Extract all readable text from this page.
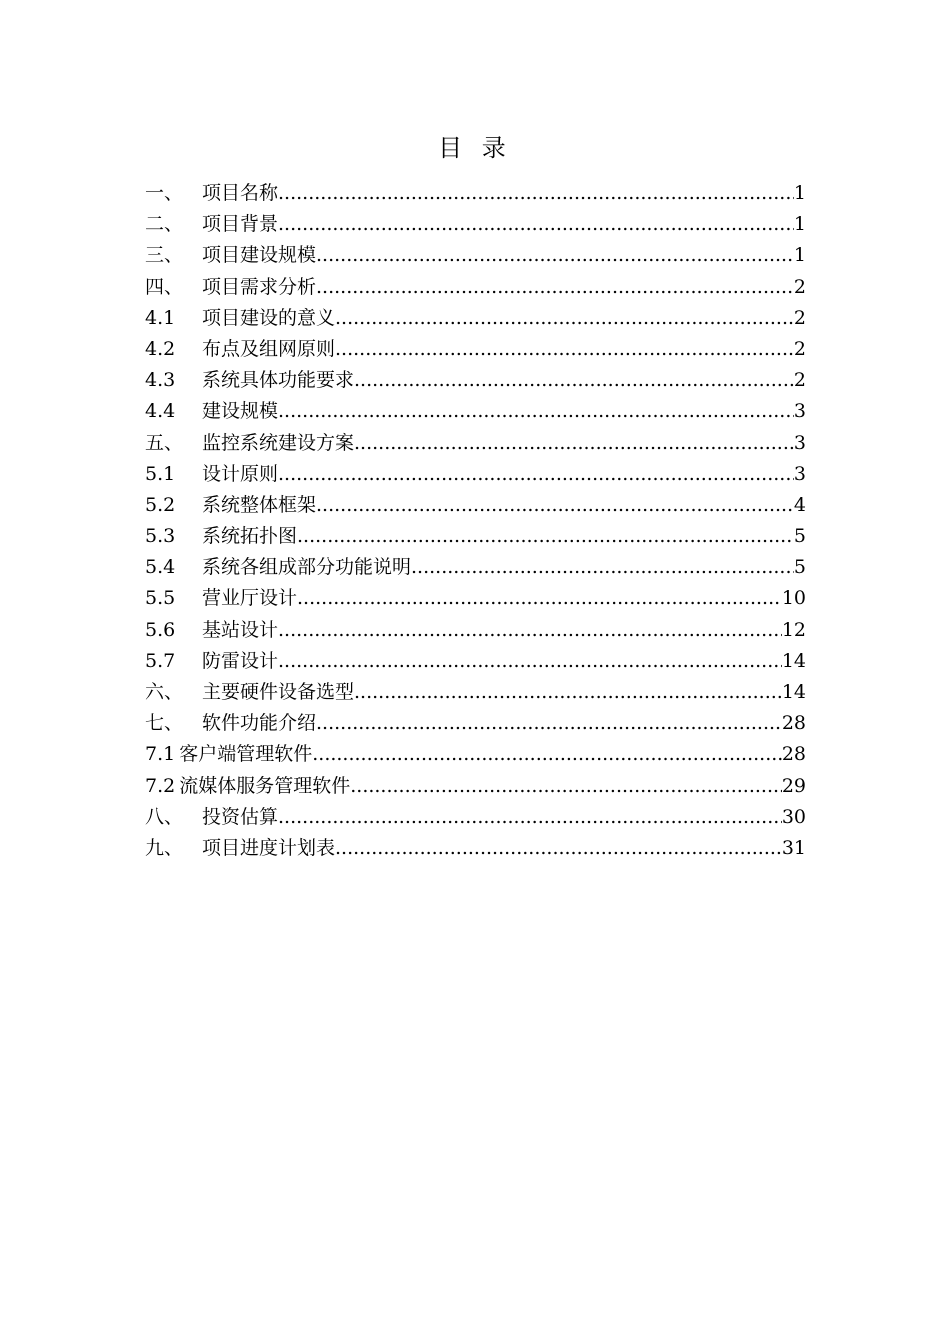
目 录
一、 项目名称 .....	1
二、 项目背景 .....	1
三、 项目建设规模 .....	1
四、 项目需求分析 .....	2
4.1	项目建设的意义 .....	2
4.2	布点及组网原则 .....	2
4.3	系统具体功能要求 .....	2
4.4	建设规模 .....	3
五、 监控系统建设方案 .....	3
5.1	设计原则 .....	3
5.2	系统整体框架 .....	4
5.3	系统拓扑图 .....	5
5.4	系统各组成部分功能说明 .....	5
5.5	营业厅设计 .....	10
5.6	基站设计 .....	12
5.7	防雷设计 .....	14
六、 主要硬件设备选型 .....	14
七、 软件功能介绍 .....	28
7.1 客户端管理软件 .....	28
7.2 流媒体服务管理软件 .....	29
八、 投资估算 .....	30
九、 项目进度计划表 .....	31
